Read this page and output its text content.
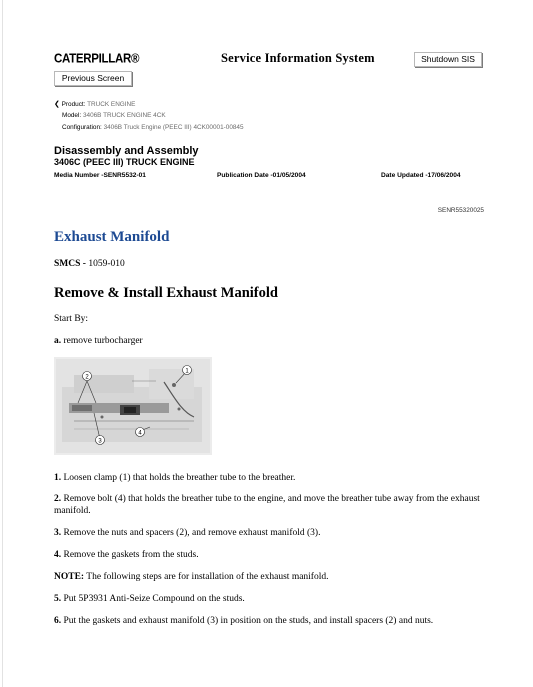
CATERPILLAR®	Service Information System	Shutdown SIS
Previous Screen
❮ Product: TRUCK ENGINE
Model: 3406B TRUCK ENGINE 4CK
Configuration: 3406B Truck Engine (PEEC III) 4CK00001-00845
Disassembly and Assembly
3406C (PEEC III) TRUCK ENGINE
Media Number -SENR5532-01	Publication Date -01/05/2004	Date Updated -17/06/2004
SENR55320025
Exhaust Manifold
SMCS - 1059-010
Remove & Install Exhaust Manifold
Start By:
a. remove turbocharger
2
1
3
4
1. Loosen clamp (1) that holds the breather tube to the breather.
2. Remove bolt (4) that holds the breather tube to the engine, and move the breather tube away from the exhaust manifold.
3. Remove the nuts and spacers (2), and remove exhaust manifold (3).
4. Remove the gaskets from the studs.
NOTE: The following steps are for installation of the exhaust manifold.
5. Put 5P3931 Anti-Seize Compound on the studs.
6. Put the gaskets and exhaust manifold (3) in position on the studs, and install spacers (2) and nuts.
